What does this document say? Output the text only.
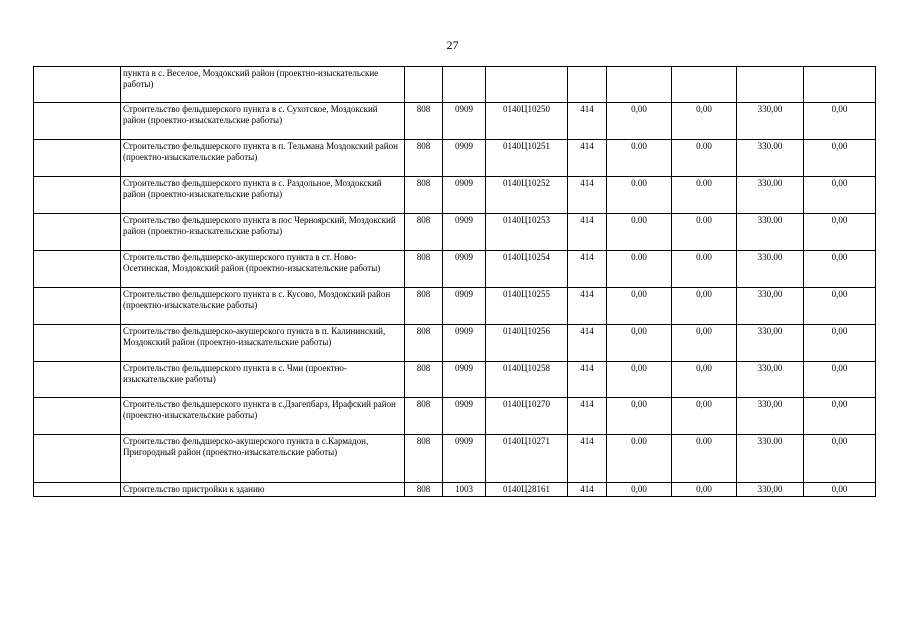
27
	пункта в с. Веселое, Моздокский район (проектно-изыскательские работы)								
	Строительство фельдшерского пункта в с. Сухотское, Моздокский район (проектно-изыскательские работы)	808	0909	0140Ц10250	414	0,00	0,00	330,00	0,00
	Строительство фельдшерского пункта в п. Тельмана Моздокский район (проектно-изыскательские работы)	808	0909	0140Ц10251	414	0.00	0.00	330.00	0,00
	Строительство фельдшерского пункта в с. Раздольное, Моздокский район (проектно-изыскательские работы)	808	0909	0140Ц10252	414	0.00	0.00	330.00	0,00
	Строительство фельдшерского пункта в пос Черноярский, Моздокский район (проектно-изыскательские работы)	808	0909	0140Ц10253	414	0.00	0.00	330.00	0,00
	Строительство фельдшерско-акушерского пункта в ст. Ново-Осетинская, Моздокский район (проектно-изыскательские работы)	808	0909	0140Ц10254	414	0.00	0.00	330.00	0,00
	Строительство фельдшерского пункта в с. Кусово, Моздокский район (проектно-изыскательские работы)	808	0909	0140Ц10255	414	0,00	0,00	330,00	0,00
	Строительство фельдшерско-акушерского пункта в п. Калининский, Моздокский район (проектно-изыскательские работы)	808	0909	0140Ц10256	414	0,00	0,00	330,00	0,00
	Строительство фельдшерского пункта в с. Чми (проектно-изыскательские работы)	808	0909	0140Ц10258	414	0,00	0,00	330,00	0,00
	Строительство фельдшерского пункта в с.Дзагепбарз, Ирафский район (проектно-изыскательские работы)	808	0909	0140Ц10270	414	0,00	0,00	330,00	0,00
	Строительство фельдшерско-акушерского пункта в с.Кармадон, Пригородный район (проектно-изыскательские работы)	808	0909	0140Ц10271	414	0.00	0.00	330.00	0,00
	Строительство пристройки к зданию	808	1003	0140Ц28161	414	0,00	0,00	330,00	0,00
